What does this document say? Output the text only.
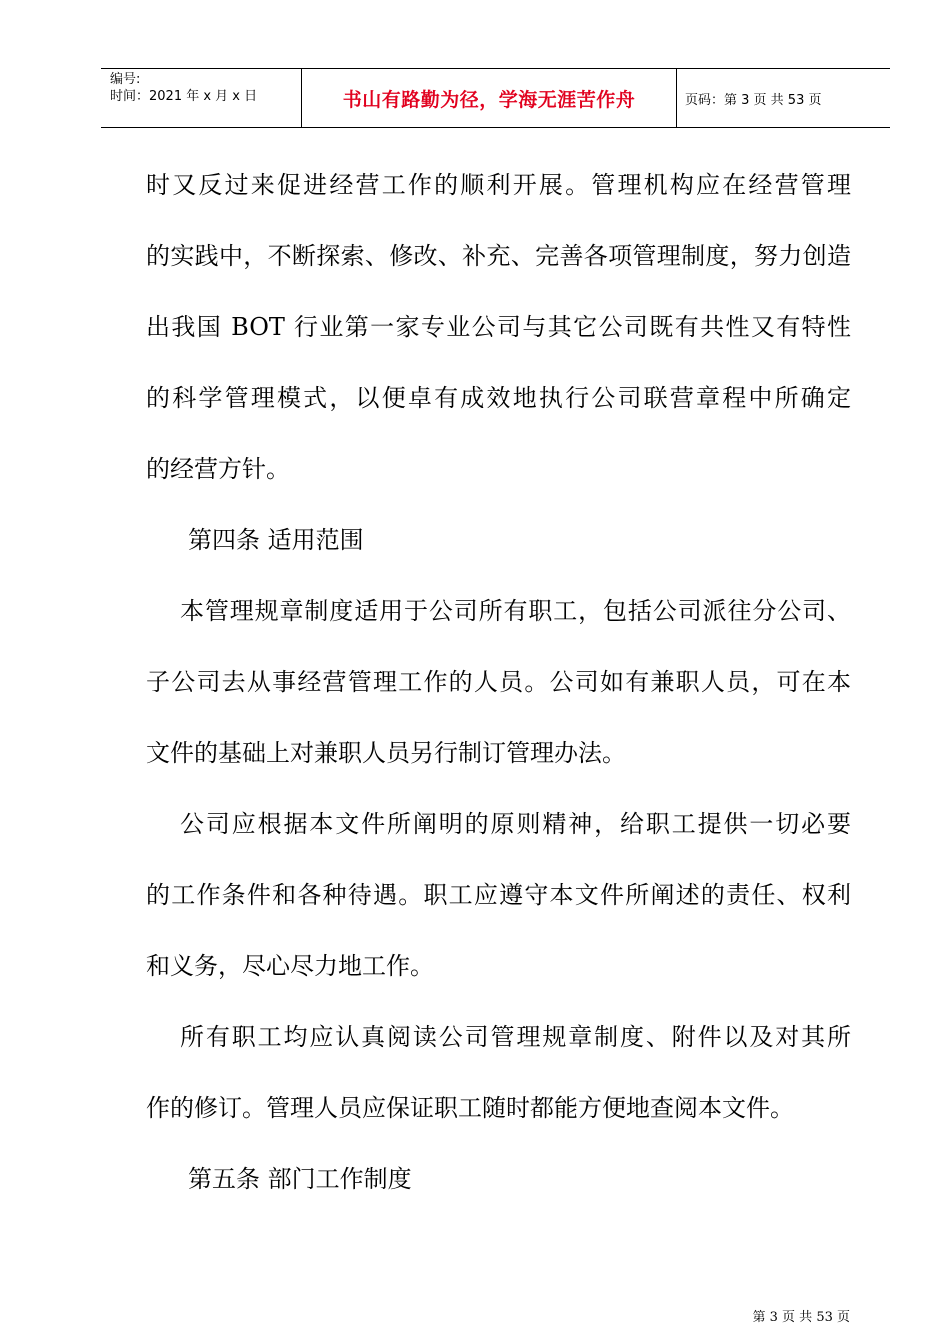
编号:
时间：2021 年 x 月 x 日	书山有路勤为径，学海无涯苦作舟	页码：第 3 页 共 53 页
时又反过来促进经营工作的顺利开展。管理机构应在经营管理
的实践中，不断探索、修改、补充、完善各项管理制度，努力创造
出我国 BOT 行业第一家专业公司与其它公司既有共性又有特性
的科学管理模式，以便卓有成效地执行公司联营章程中所确定
的经营方针。
第四条 适用范围
本管理规章制度适用于公司所有职工，包括公司派往分公司、
子公司去从事经营管理工作的人员。公司如有兼职人员，可在本
文件的基础上对兼职人员另行制订管理办法。
公司应根据本文件所阐明的原则精神，给职工提供一切必要
的工作条件和各种待遇。职工应遵守本文件所阐述的责任、权利
和义务，尽心尽力地工作。
所有职工均应认真阅读公司管理规章制度、附件以及对其所
作的修订。管理人员应保证职工随时都能方便地查阅本文件。
第五条 部门工作制度
第 3 页 共 53 页
